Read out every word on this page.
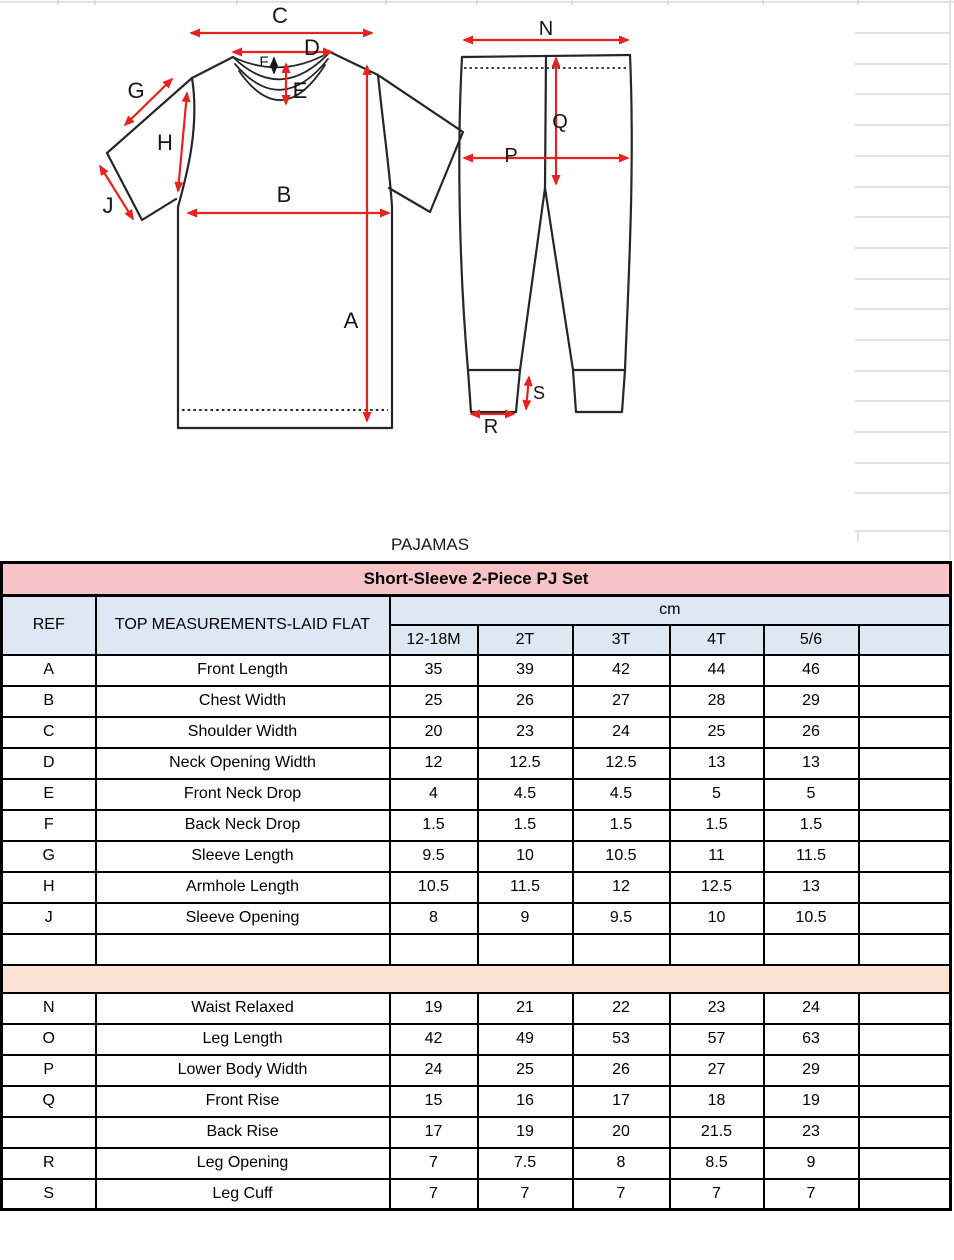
C
D
F
E
G
H
J	B
A
N
Q
P
S
R
PAJAMAS
Short-Sleeve 2-Piece PJ Set							
REF	TOP MEASUREMENTS-LAID FLAT	cm					
		12-18M	2T	3T	4T	5/6	
A	Front Length	35	39	42	44	46	
B	Chest Width	25	26	27	28	29	
C	Shoulder Width	20	23	24	25	26	
D	Neck Opening Width	12	12.5	12.5	13	13	
E	Front Neck Drop	4	4.5	4.5	5	5	
F	Back Neck Drop	1.5	1.5	1.5	1.5	1.5	
G	Sleeve Length	9.5	10	10.5	11	11.5	
H	Armhole Length	10.5	11.5	12	12.5	13	
J	Sleeve Opening	8	9	9.5	10	10.5	

N	Waist Relaxed	19	21	22	23	24	
O	Leg Length	42	49	53	57	63	
P	Lower Body Width	24	25	26	27	29	
Q	Front Rise	15	16	17	18	19	
	Back Rise	17	19	20	21.5	23	
R	Leg Opening	7	7.5	8	8.5	9	
S	Leg Cuff	7	7	7	7	7	
